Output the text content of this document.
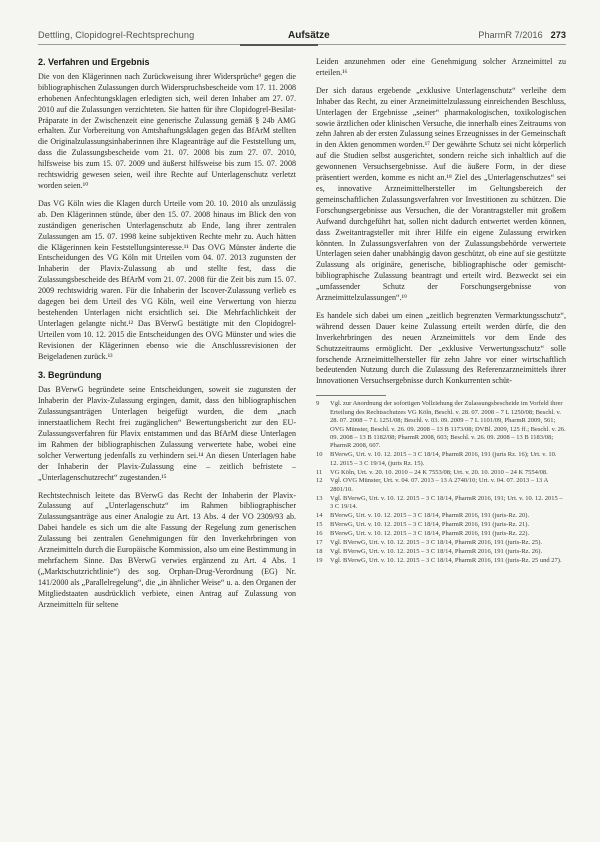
Dettling, Clopidogrel-Rechtsprechung	Aufsätze	PharmR 7/2016 273
2. Verfahren und Ergebnis

Die von den Klägerinnen nach Zurückweisung ihrer Widersprüche⁹ gegen die bibliographischen Zulassungen durch Widerspruchsbescheide vom 17. 11. 2008 erhobenen Anfechtungsklagen erledigten sich, weil deren Inhaber am 27. 07. 2010 auf die Zulassungen verzichteten. Sie hatten für ihre Clopidogrel-Besilat-Präparate in der Zwischenzeit eine generische Zulassung gemäß § 24b AMG erhalten. Zur Vorbereitung von Amtshaftungsklagen gegen das BfArM stellten die Originalzulassungsinhaberinnen ihre Klageanträge auf die Feststellung um, dass die Zulassungsbescheide vom 21. 07. 2008 bis zum 27. 07. 2010, hilfsweise bis zum 15. 07. 2009 und äußerst hilfsweise bis zum 15. 07. 2008 rechtswidrig gewesen seien, weil ihre Rechte auf Unterlagenschutz verletzt worden seien.¹⁰

Das VG Köln wies die Klagen durch Urteile vom 20. 10. 2010 als unzulässig ab. Den Klägerinnen stünde, über den 15. 07. 2008 hinaus im Blick den von zuständigen generischen Unterlagenschutz ab Ende, lang ihrer zentralen Zulassungen am 15. 07. 1998 keine subjektiven Rechte mehr zu. Auch hätten die Klägerinnen kein Feststellungsinteresse.¹¹ Das OVG Münster änderte die Entscheidungen des VG Köln mit Urteilen vom 04. 07. 2013 zugunsten der Inhaberin der Plavix-Zulassung ab und stellte fest, dass die Zulassungsbescheide des BfArM vom 21. 07. 2008 für die Zeit bis zum 15. 07. 2009 rechtswidrig waren. Für die Inhaberin der Iscover-Zulassung verlieb es dagegen bei dem Urteil des VG Köln, weil eine Verwertung von hierzu bestehenden Unterlagen nicht ersichtlich sei. Die Mehrfachlichkeit der Unterlagen gelangte nicht.¹² Das BVerwG bestätigte mit den Clopidogrel-Urteilen vom 10. 12. 2015 die Entscheidungen des OVG Münster und wies die Revisionen der Klägerinnen ebenso wie die Anschlussrevisionen der Beigeladenen zurück.¹³

3. Begründung

Das BVerwG begründete seine Entscheidungen, soweit sie zugunsten der Inhaberin der Plavix-Zulassung ergingen, damit, dass den bibliographischen Zulassungsanträgen Unterlagen beigefügt wurden, die dem „nach innerstaatlichem Recht frei zugänglichen“ Bewertungsbericht zur den EU-Zulassungsverfahren für Plavix entstammen und das BfArM diese Unterlagen im Rahmen der bibliographischen Zulassung verwertete habe, wobei eine solcher Verwertung jedenfalls zu verhindern sei.¹⁴ An diesen Unterlagen habe der Inhaberin der Plavix-Zulassung eine – zeitlich befristete – „Unterlagenschutzrecht“ zugestanden.¹⁵

Rechtstechnisch leitete das BVerwG das Recht der Inhaberin der Plavix-Zulassung auf „Unterlagenschutz“ im Rahmen bibliographischer Zulassungsanträge aus einer Analogie zu Art. 13 Abs. 4 der VO 2309/93 ab. Dabei handele es sich um die alte Fassung der Regelung zum generischen Zulassung bei zentralen Genehmigungen für den Inverkehrbringen von Arzneimitteln durch die Europäische Kommission, also um eine Bestimmung in mehrfachem Sinne. Das BVerwG verwies ergänzend zu Art. 4 Abs. 1 („Marktschutzrichtlinie“) des sog. Orphan-Drug-Verordnung (EG) Nr. 141/2000 als „Parallelregelung“, die „in ähnlicher Weise“ u. a. den Organen der Mitgliedstaaten ausdrücklich verbiete, einen Antrag auf Zulassung von Arzneimitteln für seltene

Leiden anzunehmen oder eine Genehmigung solcher Arzneimittel zu erteilen.¹⁶

Der sich daraus ergebende „exklusive Unterlagenschutz“ verleihe dem Inhaber das Recht, zu einer Arzneimittelzulassung einreichenden Beschluss, Unterlagen der Ergebnisse „seiner“ pharmakologischen, toxikologischen sowie ärztlichen oder klinischen Versuche, die innerhalb eines Zeitraums von zehn Jahren ab der ersten Zulassung seines Erzeugnisses in der Gemeinschaft in den Akten genommen worden.¹⁷ Der gewährte Schutz sei nicht körperlich auf die Studien selbst ausgerichtet, sondern reiche sich inhaltlich auf die gewonnenen Versuchsergebnisse. Auf die äußere Form, in der diese präsentiert werden, komme es nicht an.¹⁸ Ziel des „Unterlagenschutzes“ sei es, innovative Arzneimittelhersteller im Geltungsbereich der gemeinschaftlichen Zulassungsverfahren vor Investitionen zu schützen. Die Forschungsergebnisse aus Versuchen, die der Vorantragsteller mit großem Aufwand durchgeführt hat, sollen nicht dadurch entwertet werden können, dass Zweitantragsteller mit ihrer Hilfe ein eigene Zulassung erwirken könnten. In Zulassungsverfahren von der Zulassungsbehörde verwertete Unterlagen seien daher unabhängig davon geschützt, ob eine auf sie gestützte Zulassung als originäre, generische, bibliographische oder gemischt-bibliographische Zulassung beantragt und erteilt wird. Bezweckt sei ein „umfassender Schutz der Forschungsergebnisse von Arzneimittelzulassungen“.¹⁹

Es handele sich dabei um einen „zeitlich begrenzten Vermarktungsschutz“, während dessen Dauer keine Zulassung erteilt werden dürfe, die den Inverkehrbringen des neuen Arzneimittels vor dem Ende des Schutzzeitraums ermöglicht. Der „exklusive Verwertungsschutz“ solle forschende Arzneimittelhersteller für zehn Jahre vor einer wirtschaftlich bedeutenden Nutzung durch die Zulassung des Referenzarzneimittels ihrer Innovationen Versuchsergebnisse durch Konkurrenten schüt-

9	Vgl. zur Anordnung der sofortigen Vollziehung der Zulassungsbescheide im Vorfeld ihrer Erteilung des Rechtsschutzes VG Köln, Beschl. v. 28. 07. 2008 – 7 L 1250/08; Beschl. v. 28. 07. 2008 – 7 L 1251/08; Beschl. v. 03. 09. 2009 – 7 L 1101/09, PharmR 2009, 561; OVG Münster, Beschl. v. 26. 09. 2008 – 13 B 1173/08; DVBl. 2009, 125 ff.; Beschl. v. 26. 09. 2008 – 13 B 1182/08; PharmR 2008, 603; Beschl. v. 26. 09. 2008 – 13 B 1183/08; PharmR 2008, 607.
10	BVerwG, Urt. v. 10. 12. 2015 – 3 C 18/14, PharmR 2016, 191 (juris Rz. 16); Urt. v. 10. 12. 2015 – 3 C 19/14, (juris Rz. 15).
11	VG Köln, Urt. v. 20. 10. 2010 – 24 K 7553/08; Urt. v. 20. 10. 2010 – 24 K 7554/08.
12	Vgl. OVG Münster, Urt. v. 04. 07. 2013 – 13 A 2740/10; Urt. v. 04. 07. 2013 – 13 A 2801/10.
13	Vgl. BVerwG, Urt. v. 10. 12. 2015 – 3 C 18/14, PharmR 2016, 191; Urt. v. 10. 12. 2015 – 3 C 19/14.
14	BVerwG, Urt. v. 10. 12. 2015 – 3 C 18/14, PharmR 2016, 191 (juris-Rz. 20).
15	BVerwG, Urt. v. 10. 12. 2015 – 3 C 18/14, PharmR 2016, 191 (juris-Rz. 21).
16	BVerwG, Urt. v. 10. 12. 2015 – 3 C 18/14, PharmR 2016, 191 (juris-Rz. 22).
17	Vgl. BVerwG, Urt. v. 10. 12. 2015 – 3 C 18/14, PharmR 2016, 191 (juris-Rz. 25).
18	Vgl. BVerwG, Urt. v. 10. 12. 2015 – 3 C 18/14, PharmR 2016, 191 (juris-Rz. 26).
19	Vgl. BVerwG, Urt. v. 10. 12. 2015 – 3 C 18/14, PharmR 2016, 191 (juris-Rz. 25 und 27).
